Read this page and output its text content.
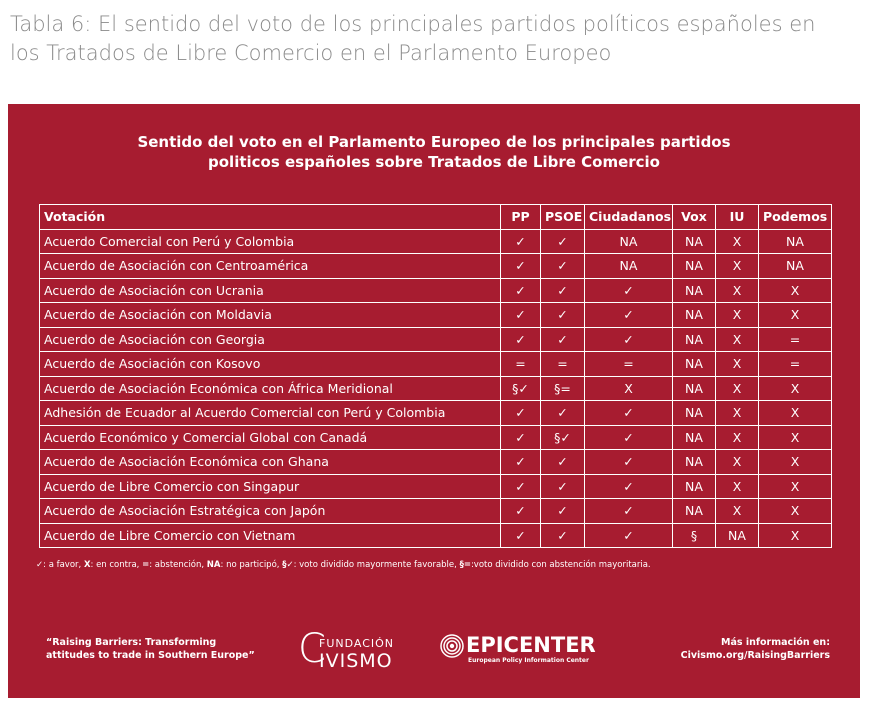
Tabla 6: El sentido del voto de los principales partidos políticos españoles en
los Tratados de Libre Comercio en el Parlamento Europeo
Sentido del voto en el Parlamento Europeo de los principales partidos
politicos españoles sobre Tratados de Libre Comercio
Votación	PP	PSOE	Ciudadanos	Vox	IU	Podemos
Acuerdo Comercial con Perú y Colombia	✓	✓	NA	NA	X	NA
Acuerdo de Asociación con Centroamérica	✓	✓	NA	NA	X	NA
Acuerdo de Asociación con Ucrania	✓	✓	✓	NA	X	X
Acuerdo de Asociación con Moldavia	✓	✓	✓	NA	X	X
Acuerdo de Asociación con Georgia	✓	✓	✓	NA	X	=
Acuerdo de Asociación con Kosovo	=	=	=	NA	X	=
Acuerdo de Asociación Económica con África Meridional	§✓	§=	X	NA	X	X
Adhesión de Ecuador al Acuerdo Comercial con Perú y Colombia	✓	✓	✓	NA	X	X
Acuerdo Económico y Comercial Global con Canadá	✓	§✓	✓	NA	X	X
Acuerdo de Asociación Económica con Ghana	✓	✓	✓	NA	X	X
Acuerdo de Libre Comercio con Singapur	✓	✓	✓	NA	X	X
Acuerdo de Asociación Estratégica con Japón	✓	✓	✓	NA	X	X
Acuerdo de Libre Comercio con Vietnam	✓	✓	✓	§	NA	X
✓: a favor, X: en contra, =: abstención, NA: no participó, §✓: voto dividido mayormente favorable, §=:voto dividido con abstención mayoritaria.
“Raising Barriers: Transforming
attitudes to trade in Southern Europe” C
FUNDACIÓN
IVISMO
EPICENTER
European Policy Information Center
Más información en:
Civismo.org/RaisingBarriers
